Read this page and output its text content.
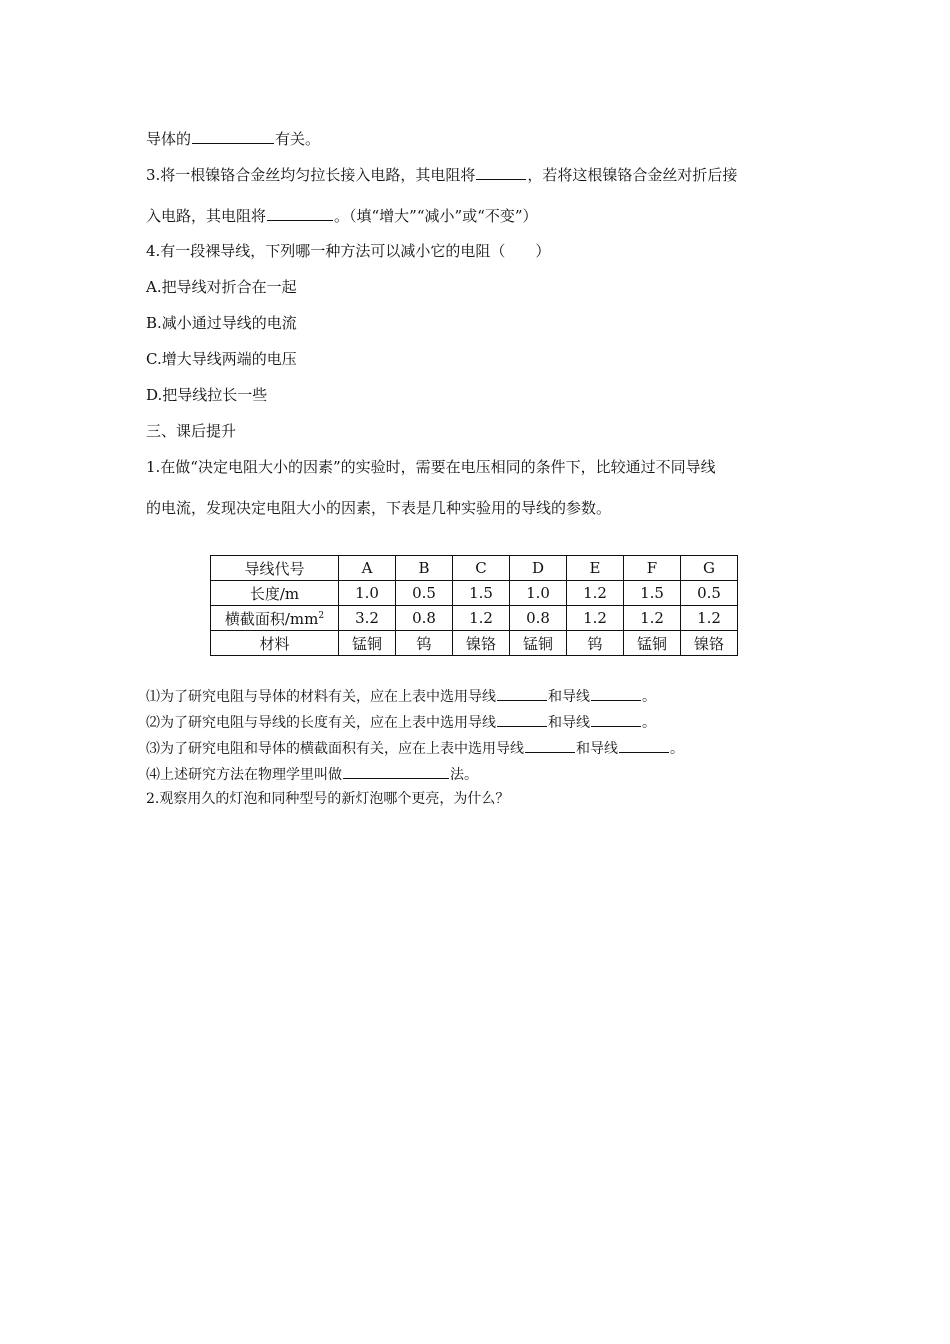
导体的	有关。
3.将一根镍铬合金丝均匀拉长接入电路，其电阻将	，若将这根镍铬合金丝对折后接
入电路，其电阻将	。（填“增大”“减小”或“不变”）
4.有一段裸导线，下列哪一种方法可以减小它的电阻（　　）
A.把导线对折合在一起
B.减小通过导线的电流
C.增大导线两端的电压
D.把导线拉长一些
三、课后提升
1.在做“决定电阻大小的因素”的实验时，需要在电压相同的条件下，比较通过不同导线
的电流，发现决定电阻大小的因素，下表是几种实验用的导线的参数。
导线代号	A	B	C	D	E	F	G
长度/m	1.0	0.5	1.5	1.0	1.2	1.5	0.5
横截面积$/mm^2$	3.2	0.8	1.2	0.8	1.2	1.2	1.2
材料	锰铜	钨	镍铬	锰铜	钨	锰铜	镍铬
⑴为了研究电阻与导体的材料有关，应在上表中选用导线	和导线	。
⑵为了研究电阻与导线的长度有关，应在上表中选用导线	和导线	。
⑶为了研究电阻和导体的横截面积有关，应在上表中选用导线	和导线	。
⑷上述研究方法在物理学里叫做	法。
2.观察用久的灯泡和同种型号的新灯泡哪个更亮，为什么？
